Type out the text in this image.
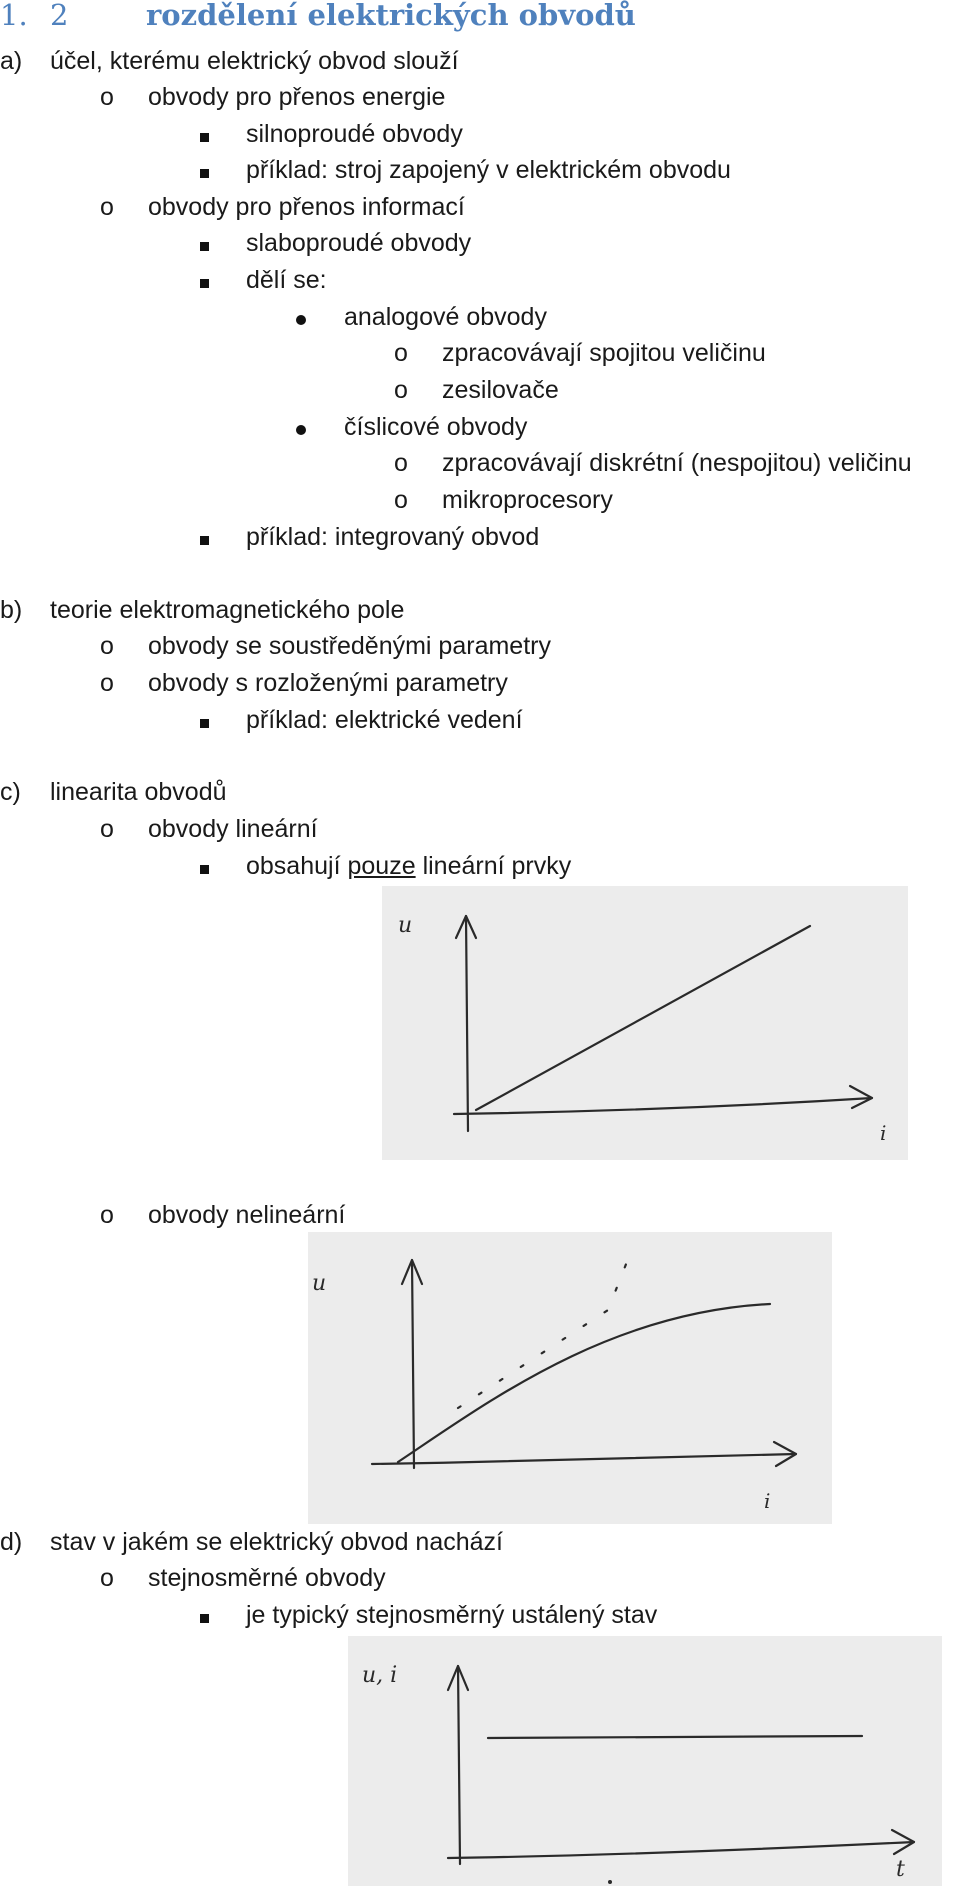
1. 2	rozdělení elektrických obvodů
a) účel, kterému elektrický obvod slouží
o obvody pro přenos energie
silnoproudé obvody
příklad: stroj zapojený v elektrickém obvodu
o obvody pro přenos informací
slaboproudé obvody
dělí se:
analogové obvody
o zpracovávají spojitou veličinu
o zesilovače
číslicové obvody
o zpracovávají diskrétní (nespojitou) veličinu
o mikroprocesory
příklad: integrovaný obvod
b) teorie elektromagnetického pole
o obvody se soustředěnými parametry
o obvody s rozloženými parametry
příklad: elektrické vedení
c) linearita obvodů
o obvody lineární
obsahují pouze lineární prvky
u
i
o obvody nelineární
u
i
d) stav v jakém se elektrický obvod nachází
o stejnosměrné obvody
je typický stejnosměrný ustálený stav
u, i
t
